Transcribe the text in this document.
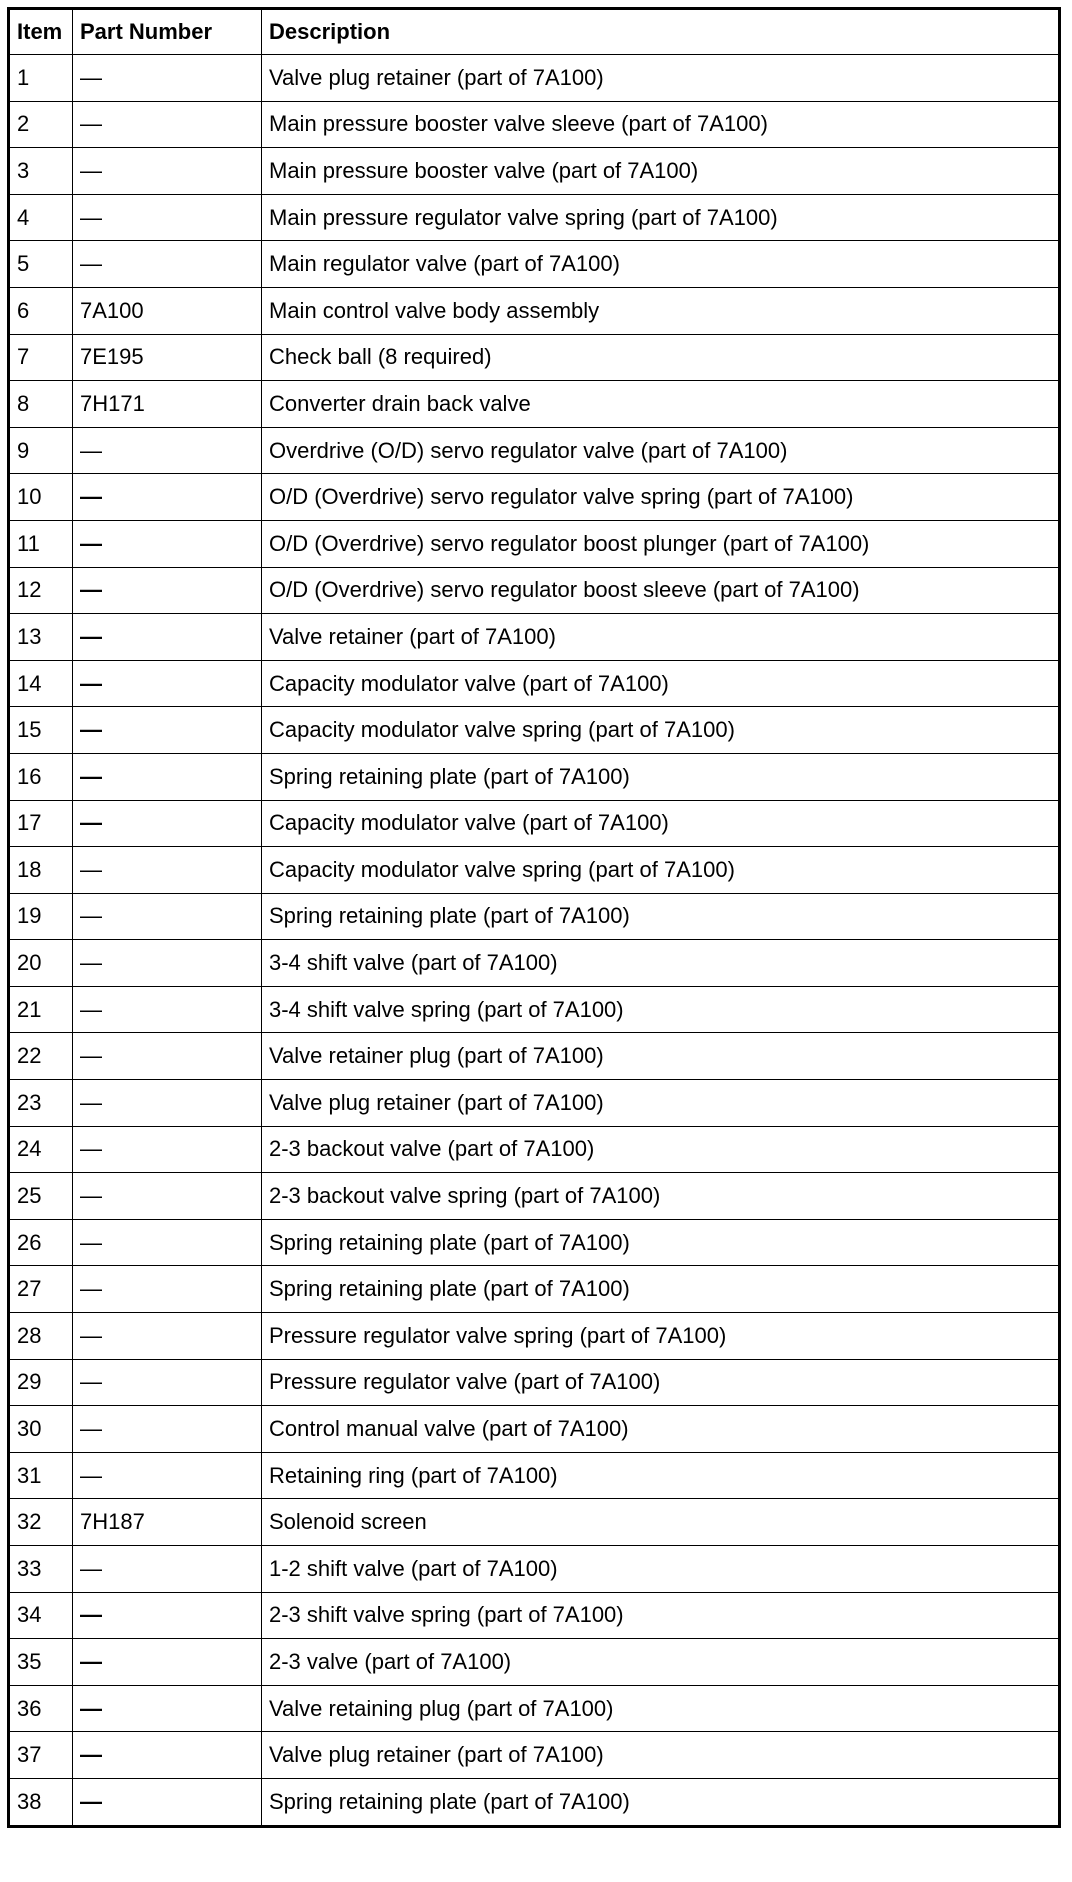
Item	Part Number	Description
1	—	Valve plug retainer (part of 7A100)
2	—	Main pressure booster valve sleeve (part of 7A100)
3	—	Main pressure booster valve (part of 7A100)
4	—	Main pressure regulator valve spring (part of 7A100)
5	—	Main regulator valve (part of 7A100)
6	7A100	Main control valve body assembly
7	7E195	Check ball (8 required)
8	7H171	Converter drain back valve
9	—	Overdrive (O/D) servo regulator valve (part of 7A100)
10	—	O/D (Overdrive) servo regulator valve spring (part of 7A100)
11	—	O/D (Overdrive) servo regulator boost plunger (part of 7A100)
12	—	O/D (Overdrive) servo regulator boost sleeve (part of 7A100)
13	—	Valve retainer (part of 7A100)
14	—	Capacity modulator valve (part of 7A100)
15	—	Capacity modulator valve spring (part of 7A100)
16	—	Spring retaining plate (part of 7A100)
17	—	Capacity modulator valve (part of 7A100)
18	—	Capacity modulator valve spring (part of 7A100)
19	—	Spring retaining plate (part of 7A100)
20	—	3-4 shift valve (part of 7A100)
21	—	3-4 shift valve spring (part of 7A100)
22	—	Valve retainer plug (part of 7A100)
23	—	Valve plug retainer (part of 7A100)
24	—	2-3 backout valve (part of 7A100)
25	—	2-3 backout valve spring (part of 7A100)
26	—	Spring retaining plate (part of 7A100)
27	—	Spring retaining plate (part of 7A100)
28	—	Pressure regulator valve spring (part of 7A100)
29	—	Pressure regulator valve (part of 7A100)
30	—	Control manual valve (part of 7A100)
31	—	Retaining ring (part of 7A100)
32	7H187	Solenoid screen
33	—	1-2 shift valve (part of 7A100)
34	—	2-3 shift valve spring (part of 7A100)
35	—	2-3 valve (part of 7A100)
36	—	Valve retaining plug (part of 7A100)
37	—	Valve plug retainer (part of 7A100)
38	—	Spring retaining plate (part of 7A100)
